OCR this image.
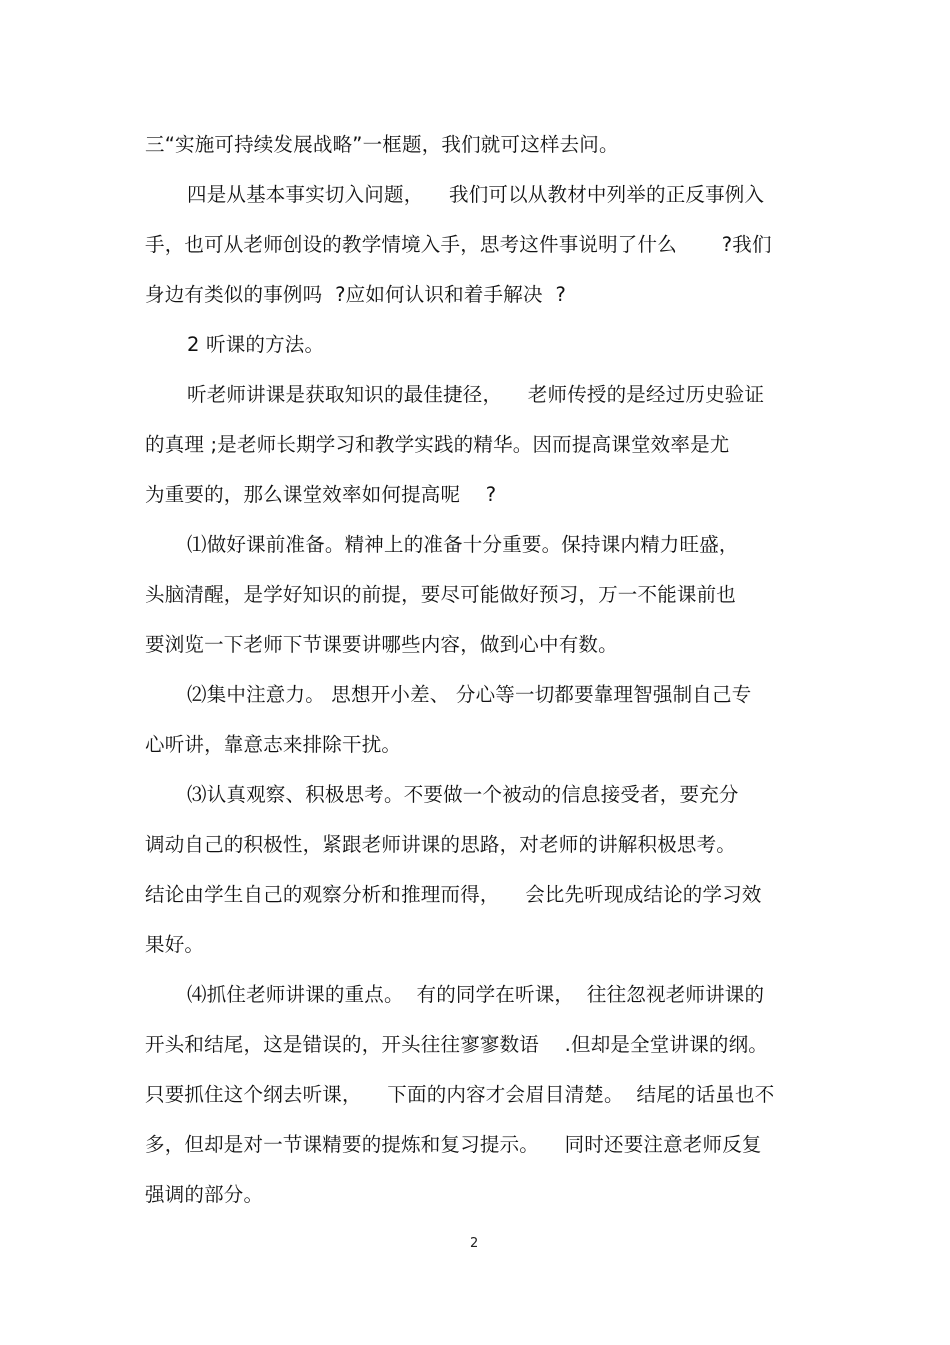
三“实施可持续发展战略”一框题，我们就可这样去问。
四是从基本事实切入问题，    我们可以从教材中列举的正反事例入
手，也可从老师创设的教学情境入手，思考这件事说明了什么       ?我们
身边有类似的事例吗  ?应如何认识和着手解决  ?
2 听课的方法。
听老师讲课是获取知识的最佳捷径，    老师传授的是经过历史验证
的真理 ;是老师长期学习和教学实践的精华。因而提高课堂效率是尤
为重要的，那么课堂效率如何提高呢    ?
⑴做好课前准备。精神上的准备十分重要。保持课内精力旺盛，
头脑清醒，是学好知识的前提，要尽可能做好预习，万一不能课前也
要浏览一下老师下节课要讲哪些内容，做到心中有数。
⑵集中注意力。 思想开小差、 分心等一切都要靠理智强制自己专
心听讲，靠意志来排除干扰。
⑶认真观察、积极思考。不要做一个被动的信息接受者，要充分
调动自己的积极性，紧跟老师讲课的思路，对老师的讲解积极思考。
结论由学生自己的观察分析和推理而得，    会比先听现成结论的学习效
果好。
⑷抓住老师讲课的重点。  有的同学在听课，  往往忽视老师讲课的
开头和结尾，这是错误的，开头往往寥寥数语    .但却是全堂讲课的纲。
只要抓住这个纲去听课，    下面的内容才会眉目清楚。  结尾的话虽也不
多，但却是对一节课精要的提炼和复习提示。    同时还要注意老师反复
强调的部分。
2
